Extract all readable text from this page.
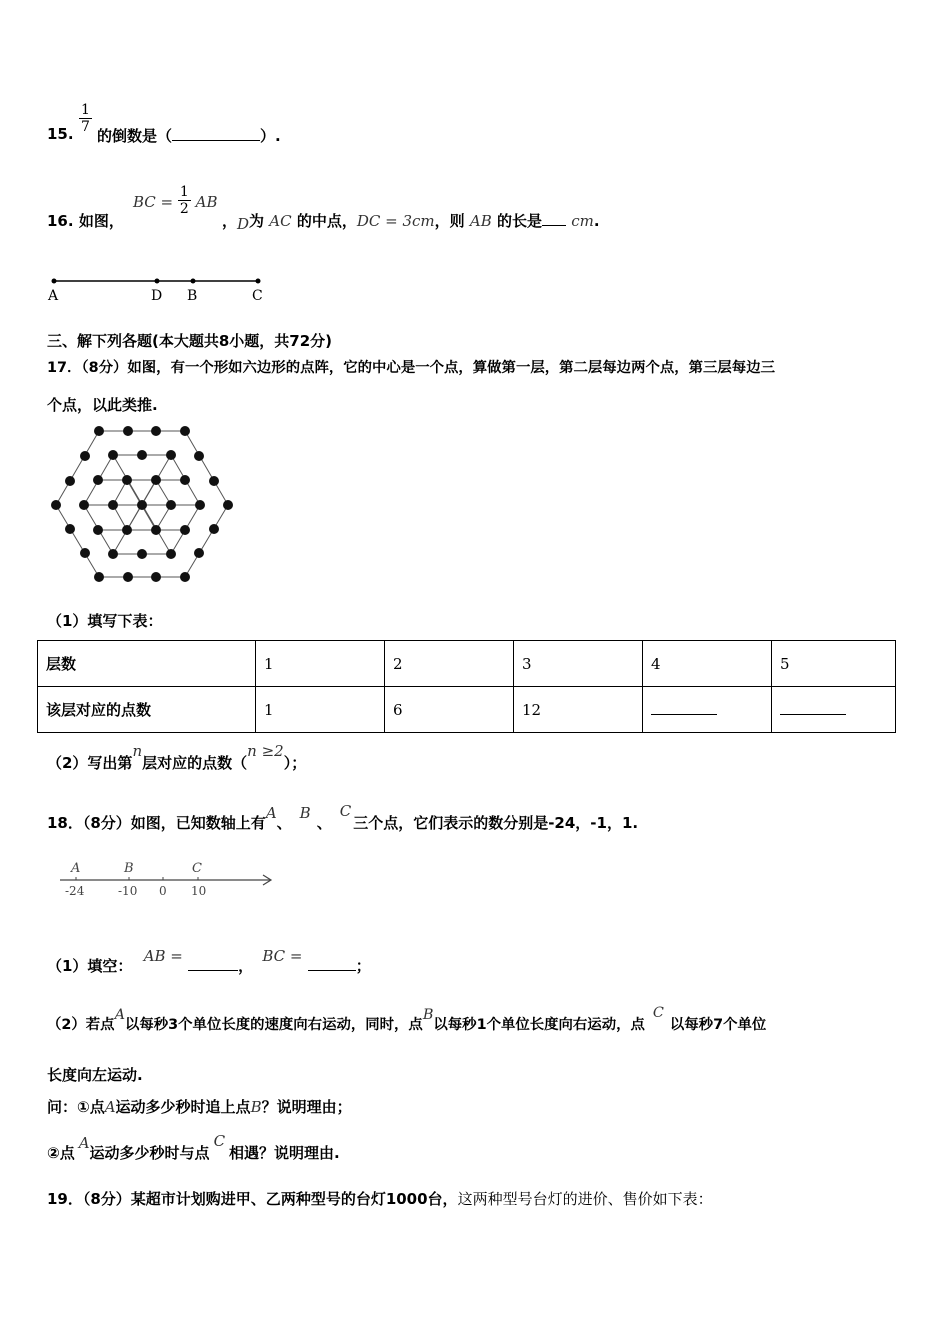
15. $\frac{1}{7}$
的倒数是（	）.
16. 如图，
BC = $\frac{1}{2}$ AB
，D为 AC 的中点，DC = 3cm，则 AB 的长是 cm.
A	D B	C
三、解下列各题(本大题共8小题，共72分)
17．（8分）如图，有一个形如六边形的点阵，它的中心是一个点，算做第一层，第二层每边两个点，第三层每边三
个点，以此类推.
（1）填写下表：
层数	1	2	3	4	5
该层对应的点数	1	6	12		
（2）写出第n层对应的点数（n ≥2）；
18．（8分）如图，已知数轴上有A、B、C三个点，它们表示的数分别是-24，-1，1.
A	B	C
-24	-10 0 10
（1）填空： AB = ， BC = ；
（2）若点A以每秒3个单位长度的速度向右运动，同时，点B以每秒1个单位长度向右运动，点C以每秒7个单位
长度向左运动.
问：①点A运动多少秒时追上点B？说明理由；
②点A运动多少秒时与点C相遇？说明理由.
19．（8分）某超市计划购进甲、乙两种型号的台灯1000台，这两种型号台灯的进价、售价如下表：
